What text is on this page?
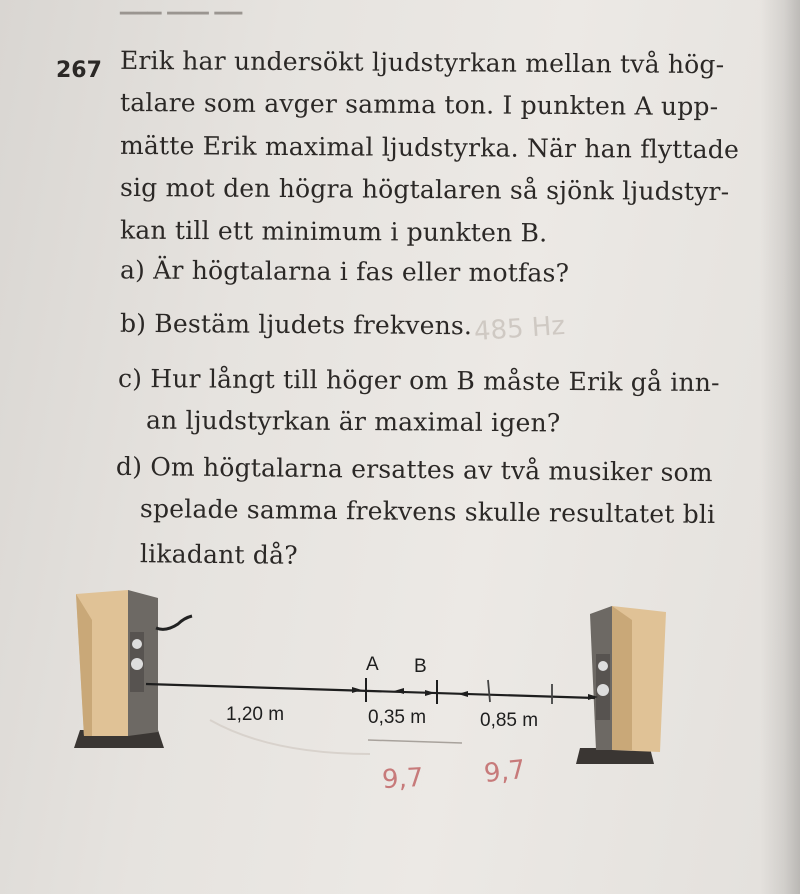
▁▁▁ ▁▁▁ ▁▁
267 Erik har undersökt ljudstyrkan mellan två hög-
talare som avger samma ton. I punkten A upp-
mätte Erik maximal ljudstyrka. När han flyttade
sig mot den högra högtalaren så sjönk ljudstyr-
kan till ett minimum i punkten B.
a) Är högtalarna i fas eller motfas?
b) Bestäm ljudets frekvens. 485 Hz
c) Hur långt till höger om B måste Erik gå inn-
an ljudstyrkan är maximal igen?
d) Om högtalarna ersattes av två musiker som
spelade samma frekvens skulle resultatet bli
likadant då?
A B
1,20 m	0,35 m	0,85 m
9,7 9,7
